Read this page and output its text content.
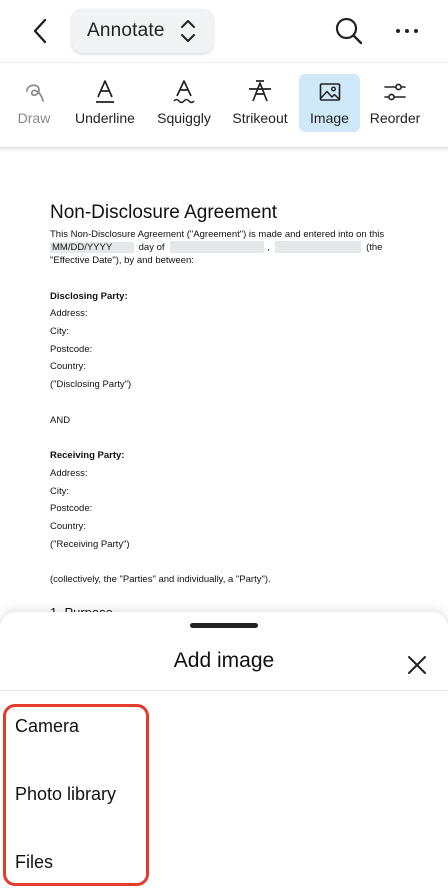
Annotate
Draw Underline Squiggly Strikeout Image Reorder
Non-Disclosure Agreement
This Non-Disclosure Agreement ("Agreement") is made and entered into on this
MM/DD/YYYY	day of	,	(the
"Effective Date"), by and between:
Disclosing Party:
Address:
City:
Postcode:
Country:
("Disclosing Party")
AND
Receiving Party:
Address:
City:
Postcode:
Country:
("Receiving Party")
(collectively, the "Parties" and individually, a "Party").
Add image
Camera
Photo library
Files
